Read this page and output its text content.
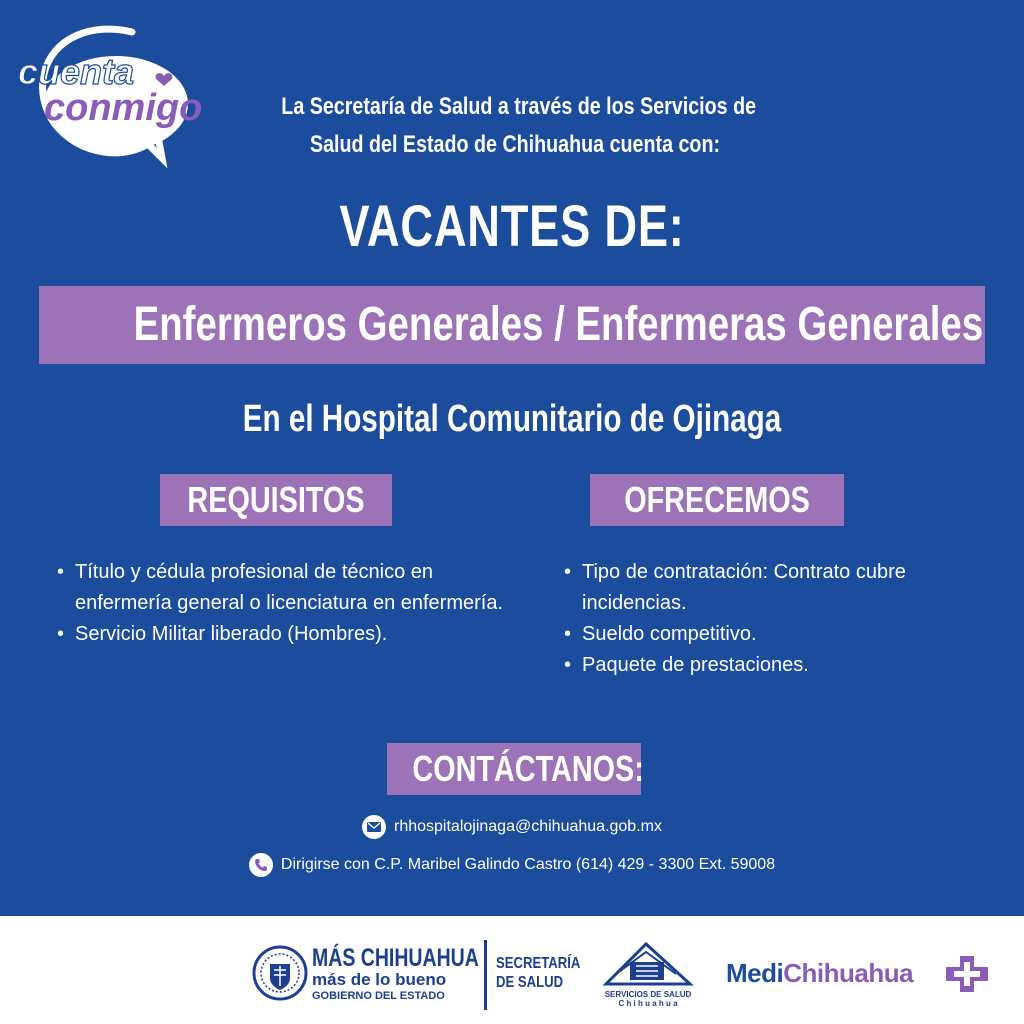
cuenta
conmigo	La Secretaría de Salud a través de los Servicios de
Salud del Estado de Chihuahua cuenta con:
VACANTES DE:
Enfermeros Generales / Enfermeras Generales
En el Hospital Comunitario de Ojinaga
REQUISITOS
• Título y cédula profesional de técnico en enfermería general o licenciatura en enfermería.
• Servicio Militar liberado (Hombres).
OFRECEMOS
• Tipo de contratación: Contrato cubre incidencias.
• Sueldo competitivo.
• Paquete de prestaciones.
CONTÁCTANOS:
rhhospitalojinaga@chihuahua.gob.mx
Dirigirse con C.P. Maribel Galindo Castro (614) 429 - 3300 Ext. 59008
MÁS CHIHUAHUA
más de lo bueno
GOBIERNO DEL ESTADO
SECRETARÍA
DE SALUD
SERVICIOS DE SALUD
C h i h u a h u a
MediChihuahua
